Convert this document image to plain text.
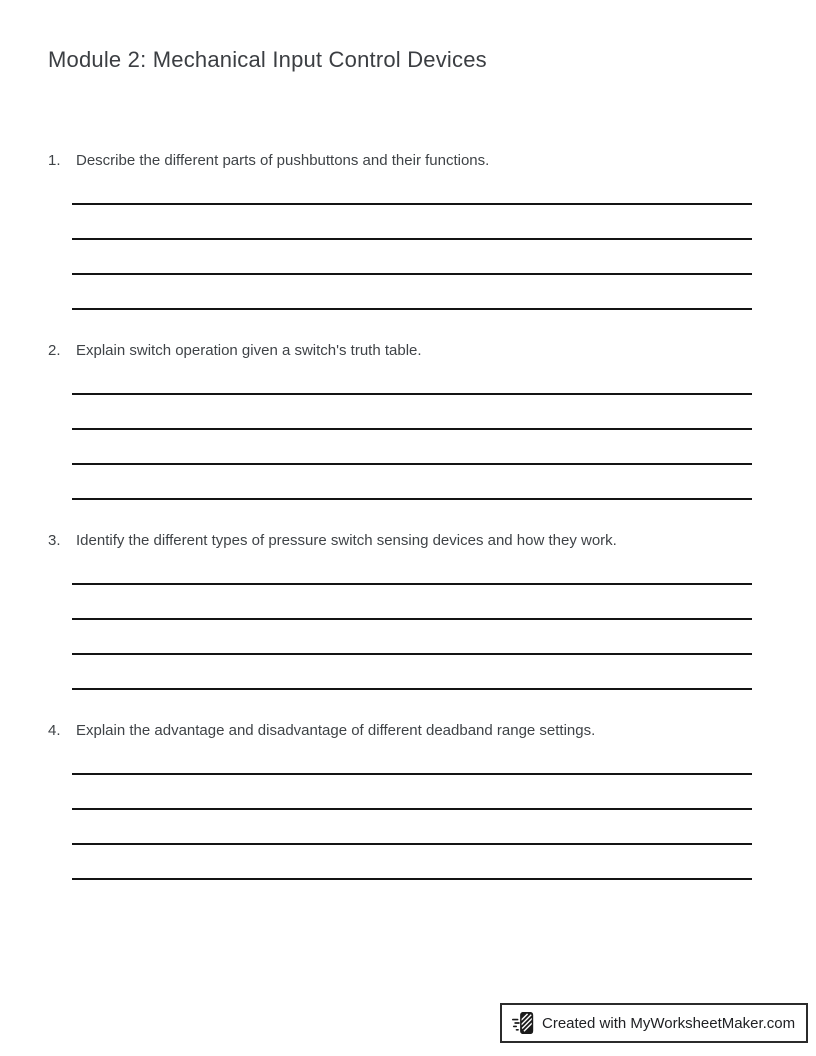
Module 2: Mechanical Input Control Devices
1.	Describe the different parts of pushbuttons and their functions.
2.	Explain switch operation given a switch's truth table.
3.	Identify the different types of pressure switch sensing devices and how they work.
4.	Explain the advantage and disadvantage of different deadband range settings.
Created with MyWorksheetMaker.com
